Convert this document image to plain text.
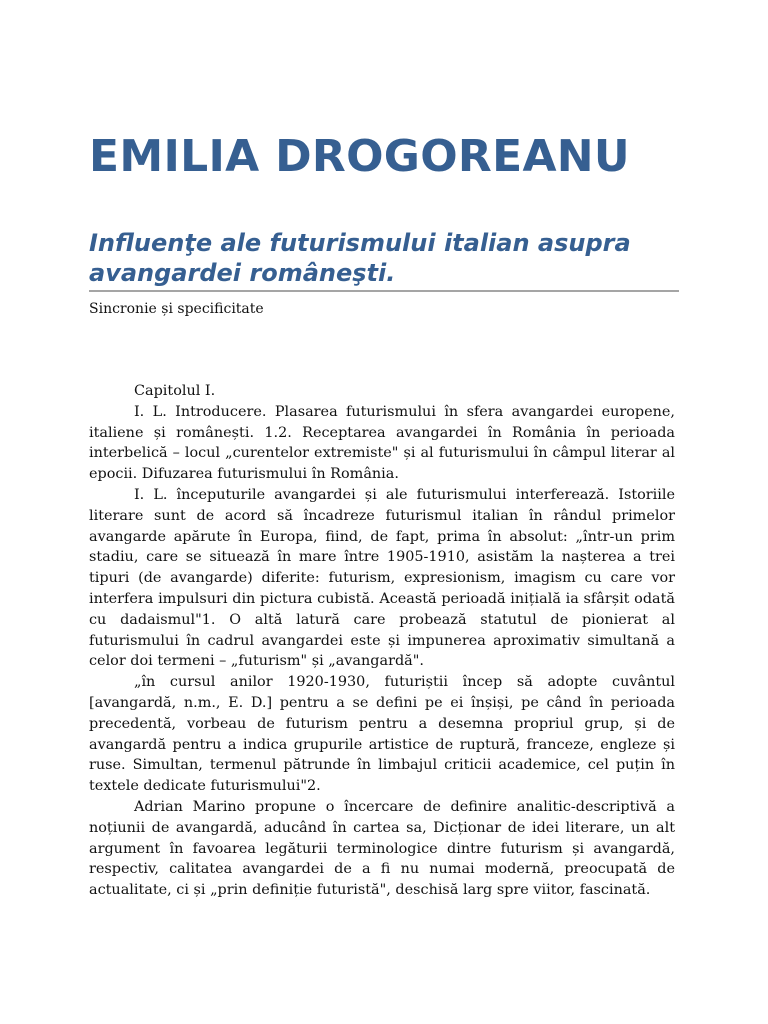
EMILIA DROGOREANU
Influenţe ale futurismului italian asupra avangardei româneşti.
Sincronie și specificitate

Capitolul I.

I. L. Introducere. Plasarea futurismului în sfera avangardei europene, italiene și românești. 1.2. Receptarea avangardei în România în perioada interbelică – locul „curentelor extremiste" și al futurismului în câmpul literar al epocii. Difuzarea futurismului în România.

I. L. începuturile avangardei și ale futurismului interferează. Istoriile literare sunt de acord să încadreze futurismul italian în rândul primelor avangarde apărute în Europa, fiind, de fapt, prima în absolut: „într-un prim stadiu, care se situează în mare între 1905-1910, asistăm la nașterea a trei tipuri (de avangarde) diferite: futurism, expresionism, imagism cu care vor interfera impulsuri din pictura cubistă. Această perioadă inițială ia sfârșit odată cu dadaismul"1. O altă latură care probează statutul de pionierat al futurismului în cadrul avangardei este și impunerea aproximativ simultană a celor doi termeni – „futurism" și „avangardă".

„în cursul anilor 1920-1930, futuriștii încep să adopte cuvântul [avangardă, n.m., E. D.] pentru a se defini pe ei înșiși, pe când în perioada precedentă, vorbeau de futurism pentru a desemna propriul grup, și de avangardă pentru a indica grupurile artistice de ruptură, franceze, engleze și ruse. Simultan, termenul pătrunde în limbajul criticii academice, cel puțin în textele dedicate futurismului"2.

Adrian Marino propune o încercare de definire analitic-descriptivă a noțiunii de avangardă, aducând în cartea sa, Dicționar de idei literare, un alt argument în favoarea legăturii terminologice dintre futurism și avangardă, respectiv, calitatea avangardei de a fi nu numai modernă, preocupată de actualitate, ci și „prin definiție futuristă", deschisă larg spre viitor, fascinată.
